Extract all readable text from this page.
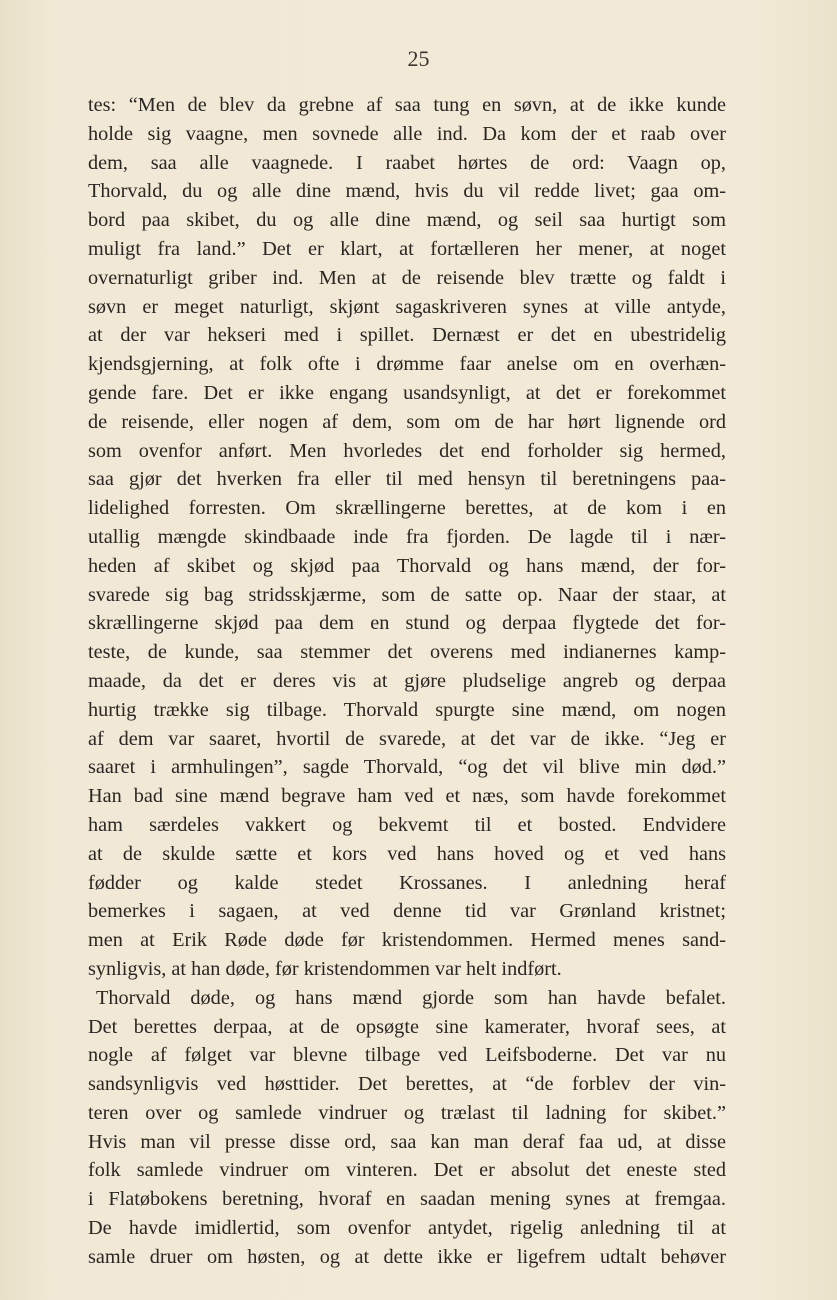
25
tes: “Men de blev da grebne af saa tung en søvn, at de ikke kunde
holde sig vaagne, men sovnede alle ind. Da kom der et raab over
dem, saa alle vaagnede. I raabet hørtes de ord: Vaagn op,
Thorvald, du og alle dine mænd, hvis du vil redde livet; gaa om-
bord paa skibet, du og alle dine mænd, og seil saa hurtigt som
muligt fra land.” Det er klart, at fortælleren her mener, at noget
overnaturligt griber ind. Men at de reisende blev trætte og faldt i
søvn er meget naturligt, skjønt sagaskriveren synes at ville antyde,
at der var hekseri med i spillet. Dernæst er det en ubestridelig
kjendsgjerning, at folk ofte i drømme faar anelse om en overhæn-
gende fare. Det er ikke engang usandsynligt, at det er forekommet
de reisende, eller nogen af dem, som om de har hørt lignende ord
som ovenfor anført. Men hvorledes det end forholder sig hermed,
saa gjør det hverken fra eller til med hensyn til beretningens paa-
lidelighed forresten. Om skrællingerne berettes, at de kom i en
utallig mængde skindbaade inde fra fjorden. De lagde til i nær-
heden af skibet og skjød paa Thorvald og hans mænd, der for-
svarede sig bag stridsskjærme, som de satte op. Naar der staar, at
skrællingerne skjød paa dem en stund og derpaa flygtede det for-
teste, de kunde, saa stemmer det overens med indianernes kamp-
maade, da det er deres vis at gjøre pludselige angreb og derpaa
hurtig trække sig tilbage. Thorvald spurgte sine mænd, om nogen
af dem var saaret, hvortil de svarede, at det var de ikke. “Jeg er
saaret i armhulingen”, sagde Thorvald, “og det vil blive min død.”
Han bad sine mænd begrave ham ved et næs, som havde forekommet
ham særdeles vakkert og bekvemt til et bosted. Endvidere
at de skulde sætte et kors ved hans hoved og et ved hans
fødder og kalde stedet Krossanes. I anledning heraf
bemerkes i sagaen, at ved denne tid var Grønland kristnet;
men at Erik Røde døde før kristendommen. Hermed menes sand-
synligvis, at han døde, før kristendommen var helt indført.
Thorvald døde, og hans mænd gjorde som han havde befalet.
Det berettes derpaa, at de opsøgte sine kamerater, hvoraf sees, at
nogle af følget var blevne tilbage ved Leifsboderne. Det var nu
sandsynligvis ved høsttider. Det berettes, at “de forblev der vin-
teren over og samlede vindruer og trælast til ladning for skibet.”
Hvis man vil presse disse ord, saa kan man deraf faa ud, at disse
folk samlede vindruer om vinteren. Det er absolut det eneste sted
i Flatøbokens beretning, hvoraf en saadan mening synes at fremgaa.
De havde imidlertid, som ovenfor antydet, rigelig anledning til at
samle druer om høsten, og at dette ikke er ligefrem udtalt behøver
